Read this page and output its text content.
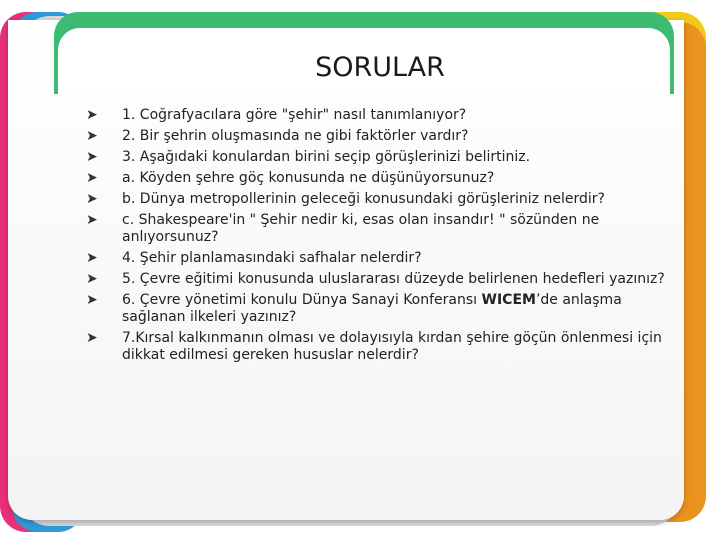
SORULAR
➤ 1. Coğrafyacılara göre "şehir" nasıl tanımlanıyor?
➤ 2. Bir şehrin oluşmasında ne gibi faktörler vardır?
➤ 3. Aşağıdaki konulardan birini seçip görüşlerinizi belirtiniz.
➤ a. Köyden şehre göç konusunda ne düşünüyorsunuz?
➤ b. Dünya metropollerinin geleceği konusundaki görüşleriniz nelerdir?
➤ c. Shakespeare'in " Şehir nedir ki, esas olan insandır! " sözünden ne anlıyorsunuz?
➤ 4. Şehir planlamasındaki safhalar nelerdir?
➤ 5. Çevre eğitimi konusunda uluslararası düzeyde belirlenen hedefleri yazınız?
➤ 6. Çevre yönetimi konulu Dünya Sanayi Konferansı WICEM’de anlaşma sağlanan ilkeleri yazınız?
➤ 7.Kırsal kalkınmanın olması ve dolayısıyla kırdan şehire göçün önlenmesi için dikkat edilmesi gereken hususlar nelerdir?
